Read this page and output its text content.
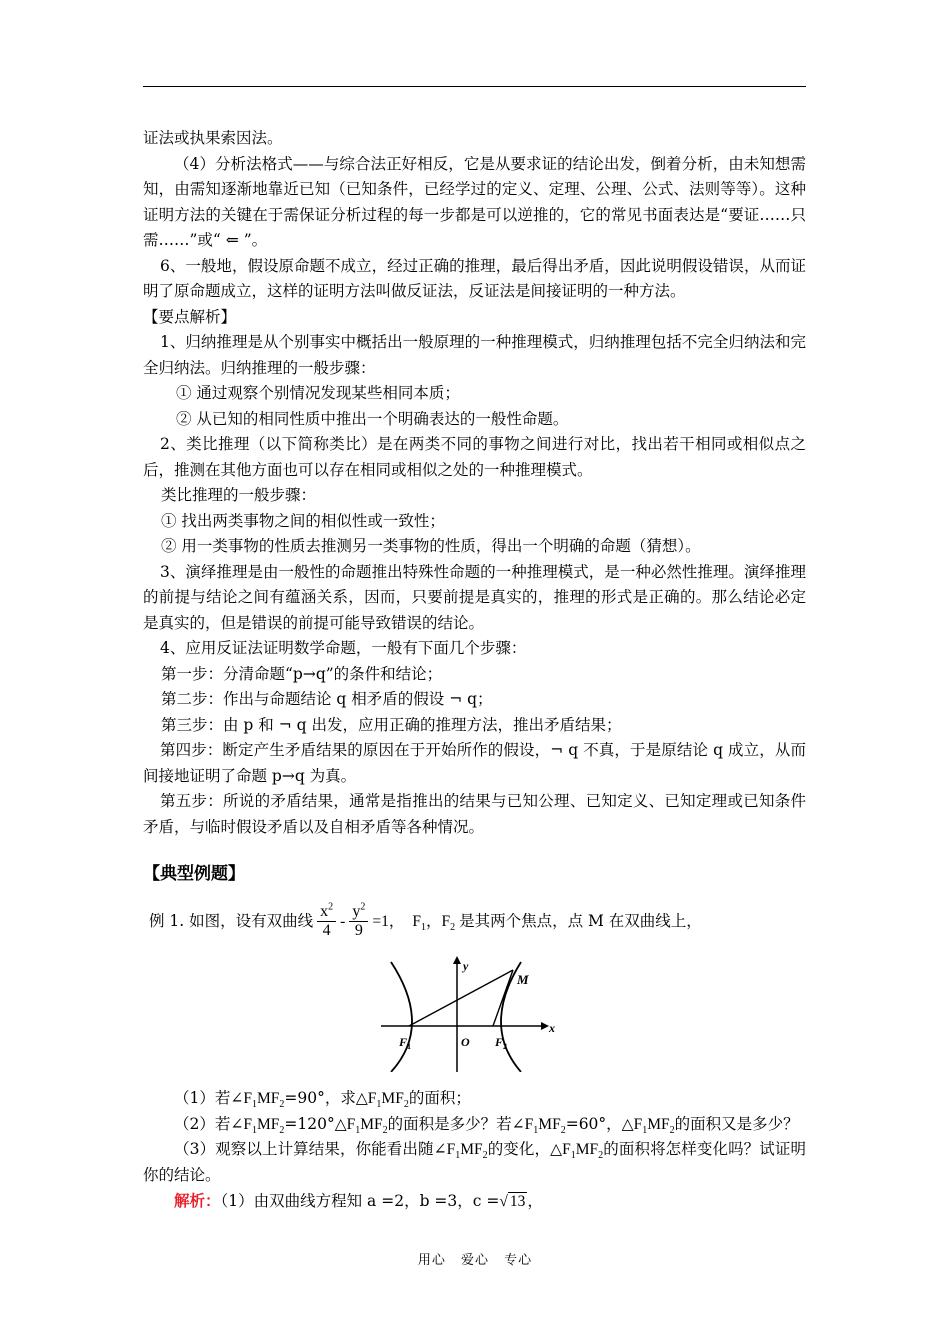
证法或执果索因法。

（4）分析法格式——与综合法正好相反，它是从要求证的结论出发，倒着分析，由未知想需知，由需知逐渐地靠近已知（已知条件，已经学过的定义、定理、公理、公式、法则等等）。这种证明方法的关键在于需保证分析过程的每一步都是可以逆推的，它的常见书面表达是“要证……只需……”或“ ⇐ ”。

6、一般地，假设原命题不成立，经过正确的推理，最后得出矛盾，因此说明假设错误，从而证明了原命题成立，这样的证明方法叫做反证法，反证法是间接证明的一种方法。

【要点解析】

1、归纳推理是从个别事实中概括出一般原理的一种推理模式，归纳推理包括不完全归纳法和完全归纳法。归纳推理的一般步骤：

① 通过观察个别情况发现某些相同本质；

② 从已知的相同性质中推出一个明确表达的一般性命题。

2、类比推理（以下简称类比）是在两类不同的事物之间进行对比，找出若干相同或相似点之后，推测在其他方面也可以存在相同或相似之处的一种推理模式。

类比推理的一般步骤：

① 找出两类事物之间的相似性或一致性；

② 用一类事物的性质去推测另一类事物的性质，得出一个明确的命题（猜想）。

3、演绎推理是由一般性的命题推出特殊性命题的一种推理模式，是一种必然性推理。演绎推理的前提与结论之间有蕴涵关系，因而，只要前提是真实的，推理的形式是正确的。那么结论必定是真实的，但是错误的前提可能导致错误的结论。

4、应用反证法证明数学命题，一般有下面几个步骤：

第一步：分清命题“p→q”的条件和结论；

第二步：作出与命题结论 q 相矛盾的假设 ¬ q；

第三步：由 p 和 ¬ q 出发，应用正确的推理方法，推出矛盾结果；

第四步：断定产生矛盾结果的原因在于开始所作的假设，¬ q 不真，于是原结论 q 成立，从而间接地证明了命题 p→q 为真。

第五步：所说的矛盾结果，通常是指推出的结果与已知公理、已知定义、已知定理或已知条件矛盾，与临时假设矛盾以及自相矛盾等各种情况。

【典型例题】

例 1. 如图，设有双曲线 $\frac{x^2}{4} - \frac{y^2}{9} =1$， $F_1$，$F_2$ 是其两个焦点，点 M 在双曲线上，
y
x
M
F 1	O F 2

（1）若$\angle F_1MF_2=90^\circ$，求$\triangle F_1MF_2$的面积；

（2）若$\angle F_1MF_2=120^\circ\triangle F_1MF_2$的面积是多少？若$\angle F_1MF_2=60^\circ$，$\triangle F_1MF_2$的面积又是多少？

（3）观察以上计算结果，你能看出随$\angle F_1MF_2$的变化，$\triangle F_1MF_2$的面积将怎样变化吗？试证明你的结论。

解析：（1）由双曲线方程知 a =2，b =3，c =√ 13 ，

用心 爱心 专心
